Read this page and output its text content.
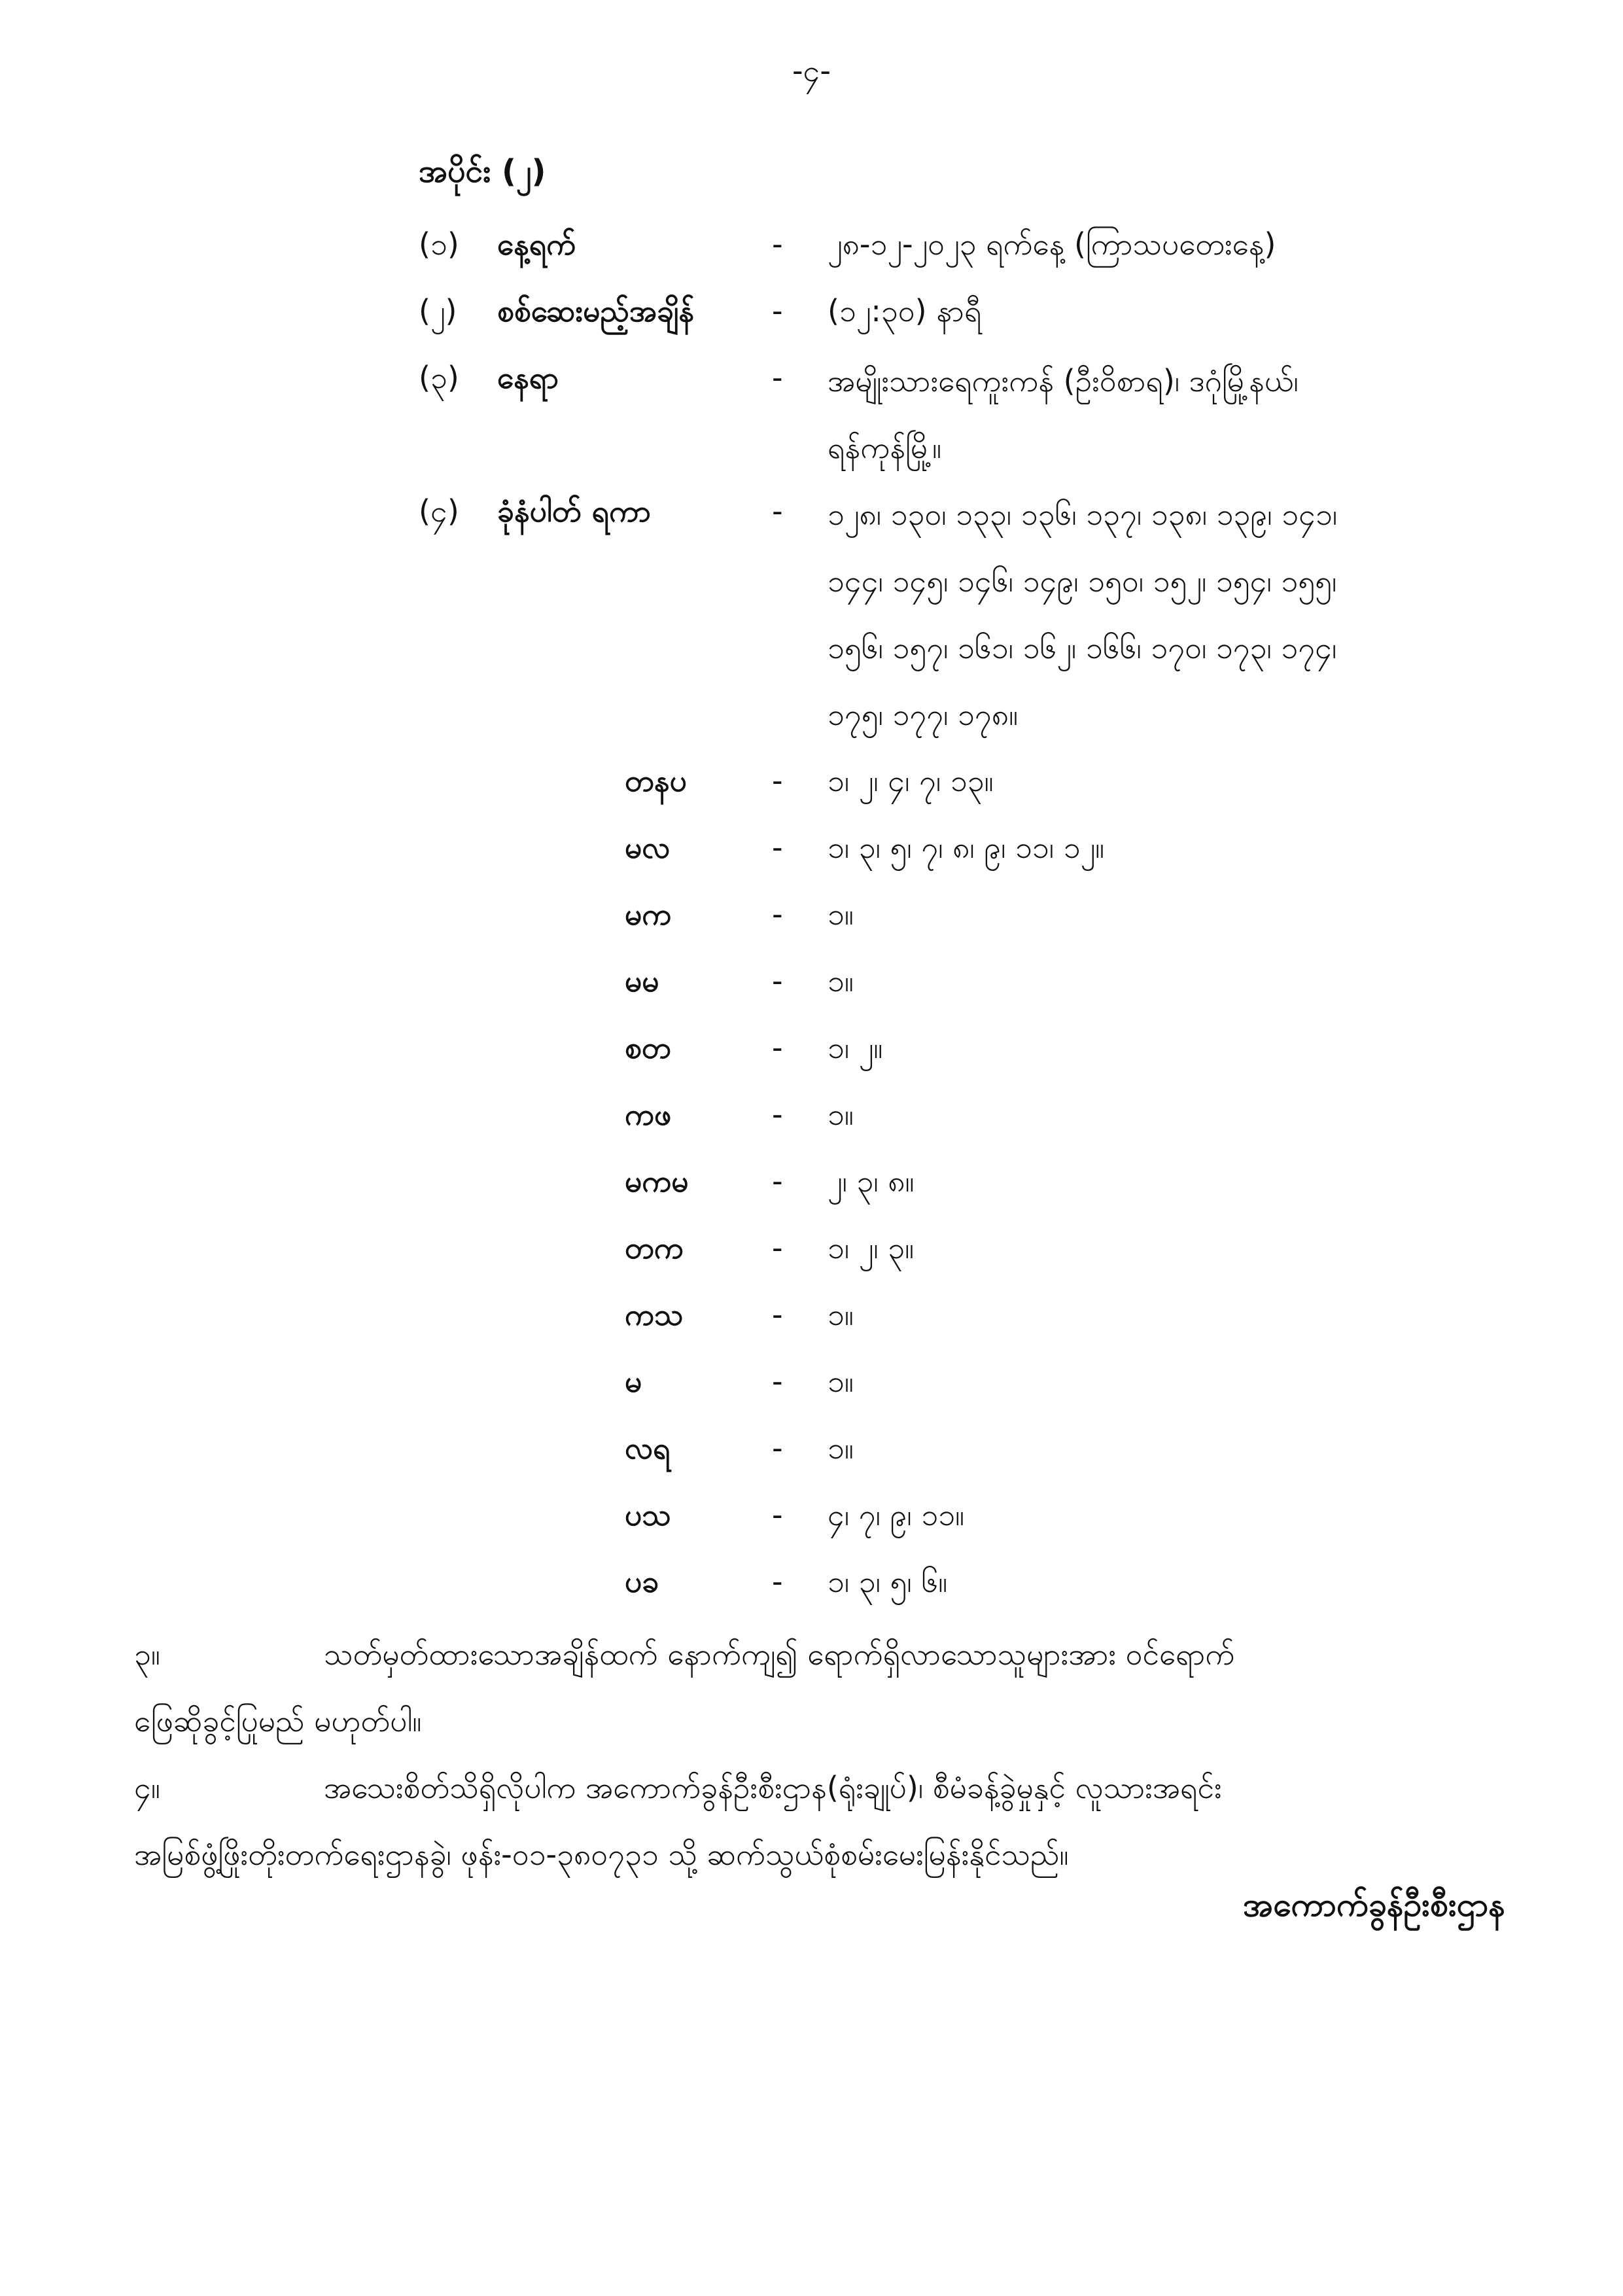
-၄-
အပိုင်း (၂)
(၁) နေ့ရက်	- ၂၈-၁၂-၂၀၂၃ ရက်နေ့ (ကြာသပတေးနေ့)
(၂) စစ်ဆေးမည့်အချိန်	- (၁၂:၃၀) နာရီ
(၃) နေရာ	- အမျိုးသားရေကူးကန် (ဦးဝိစာရ)၊ ဒဂုံမြို့နယ်၊
ရန်ကုန်မြို့။
(၄) ခုံနံပါတ် ရကာ	- ၁၂၈၊ ၁၃၀၊ ၁၃၃၊ ၁၃၆၊ ၁၃၇၊ ၁၃၈၊ ၁၃၉၊ ၁၄၁၊
၁၄၄၊ ၁၄၅၊ ၁၄၆၊ ၁၄၉၊ ၁၅၀၊ ၁၅၂၊ ၁၅၄၊ ၁၅၅၊
၁၅၆၊ ၁၅၇၊ ၁၆၁၊ ၁၆၂၊ ၁၆၆၊ ၁၇၀၊ ၁၇၃၊ ၁၇၄၊
၁၇၅၊ ၁၇၇၊ ၁၇၈။
တနပ	- ၁၊ ၂၊ ၄၊ ၇၊ ၁၃။
မလ	- ၁၊ ၃၊ ၅၊ ၇၊ ၈၊ ၉၊ ၁၁၊ ၁၂။
မက	- ၁။
မမ	- ၁။
စတ	- ၁၊ ၂။
ကဖ	- ၁။
မကမ	- ၂၊ ၃၊ ၈။
တက	- ၁၊ ၂၊ ၃။
ကသ	- ၁။
မ	- ၁။
လရ	- ၁။
ပသ	- ၄၊ ၇၊ ၉၊ ၁၁။
ပခ	- ၁၊ ၃၊ ၅၊ ၆။
၃။	သတ်မှတ်ထားသောအချိန်ထက် နောက်ကျ၍ ရောက်ရှိလာသောသူများအား ဝင်ရောက်
ဖြေဆိုခွင့်ပြုမည် မဟုတ်ပါ။
၄။	အသေးစိတ်သိရှိလိုပါက အကောက်ခွန်ဦးစီးဌာန(ရုံးချုပ်)၊ စီမံခန့်ခွဲမှုနှင့် လူသားအရင်း
အမြစ်ဖွံ့ဖြိုးတိုးတက်ရေးဌာနခွဲ၊ ဖုန်း-၀၁-၃၈၀၇၃၁ သို့ ဆက်သွယ်စုံစမ်းမေးမြန်းနိုင်သည်။
အကောက်ခွန်ဦးစီးဌာန
